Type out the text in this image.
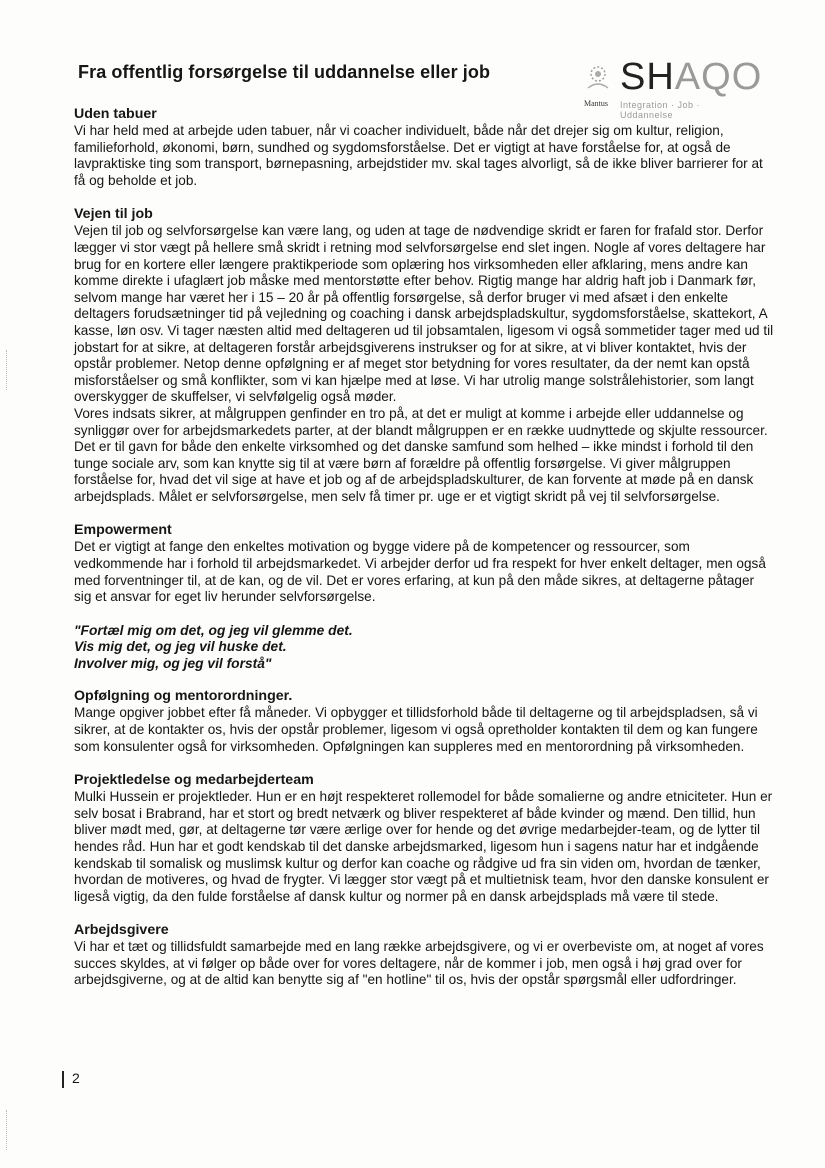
Fra offentlig forsørgelse til uddannelse eller job	SHAQO
Mantus Integration · Job · Uddannelse
Uden tabuer

Vi har held med at arbejde uden tabuer, når vi coacher individuelt, både når det drejer sig om kultur, religion, familieforhold, økonomi, børn, sundhed og sygdomsforståelse. Det er vigtigt at have forståelse for, at også de lavpraktiske ting som transport, børnepasning, arbejdstider mv. skal tages alvorligt, så de ikke bliver barrierer for at få og beholde et job.

Vejen til job

Vejen til job og selvforsørgelse kan være lang, og uden at tage de nødvendige skridt er faren for frafald stor. Derfor lægger vi stor vægt på hellere små skridt i retning mod selvforsørgelse end slet ingen. Nogle af vores deltagere har brug for en kortere eller længere praktikperiode som oplæring hos virksomheden eller afklaring, mens andre kan komme direkte i ufaglært job måske med mentorstøtte efter behov. Rigtig mange har aldrig haft job i Danmark før, selvom mange har været her i 15 – 20 år på offentlig forsørgelse, så derfor bruger vi med afsæt i den enkelte deltagers forudsætninger tid på vejledning og coaching i dansk arbejdspladskultur, sygdomsforståelse, skattekort, A kasse, løn osv. Vi tager næsten altid med deltageren ud til jobsamtalen, ligesom vi også sommetider tager med ud til jobstart for at sikre, at deltageren forstår arbejdsgiverens instrukser og for at sikre, at vi bliver kontaktet, hvis der opstår problemer. Netop denne opfølgning er af meget stor betydning for vores resultater, da der nemt kan opstå misforståelser og små konflikter, som vi kan hjælpe med at løse. Vi har utrolig mange solstrålehistorier, som langt overskygger de skuffelser, vi selvfølgelig også møder.

Vores indsats sikrer, at målgruppen genfinder en tro på, at det er muligt at komme i arbejde eller uddannelse og synliggør over for arbejdsmarkedets parter, at der blandt målgruppen er en række uudnyttede og skjulte ressourcer. Det er til gavn for både den enkelte virksomhed og det danske samfund som helhed – ikke mindst i forhold til den tunge sociale arv, som kan knytte sig til at være børn af forældre på offentlig forsørgelse. Vi giver målgruppen forståelse for, hvad det vil sige at have et job og af de arbejdspladskulturer, de kan forvente at møde på en dansk arbejdsplads. Målet er selvforsørgelse, men selv få timer pr. uge er et vigtigt skridt på vej til selvforsørgelse.

Empowerment

Det er vigtigt at fange den enkeltes motivation og bygge videre på de kompetencer og ressourcer, som vedkommende har i forhold til arbejdsmarkedet. Vi arbejder derfor ud fra respekt for hver enkelt deltager, men også med forventninger til, at de kan, og de vil. Det er vores erfaring, at kun på den måde sikres, at deltagerne påtager sig et ansvar for eget liv herunder selvforsørgelse.

"Fortæl mig om det, og jeg vil glemme det.
Vis mig det, og jeg vil huske det.
Involver mig, og jeg vil forstå"
Opfølgning og mentorordninger.

Mange opgiver jobbet efter få måneder. Vi opbygger et tillidsforhold både til deltagerne og til arbejdspladsen, så vi sikrer, at de kontakter os, hvis der opstår problemer, ligesom vi også opretholder kontakten til dem og kan fungere som konsulenter også for virksomheden. Opfølgningen kan suppleres med en mentorordning på virksomheden.

Projektledelse og medarbejderteam

Mulki Hussein er projektleder. Hun er en højt respekteret rollemodel for både somalierne og andre etniciteter. Hun er selv bosat i Brabrand, har et stort og bredt netværk og bliver respekteret af både kvinder og mænd. Den tillid, hun bliver mødt med, gør, at deltagerne tør være ærlige over for hende og det øvrige medarbejder-team, og de lytter til hendes råd. Hun har et godt kendskab til det danske arbejdsmarked, ligesom hun i sagens natur har et indgående kendskab til somalisk og muslimsk kultur og derfor kan coache og rådgive ud fra sin viden om, hvordan de tænker, hvordan de motiveres, og hvad de frygter. Vi lægger stor vægt på et multietnisk team, hvor den danske konsulent er ligeså vigtig, da den fulde forståelse af dansk kultur og normer på en dansk arbejdsplads må være til stede.

Arbejdsgivere

Vi har et tæt og tillidsfuldt samarbejde med en lang række arbejdsgivere, og vi er overbeviste om, at noget af vores succes skyldes, at vi følger op både over for vores deltagere, når de kommer i job, men også i høj grad over for arbejdsgiverne, og at de altid kan benytte sig af "en hotline" til os, hvis der opstår spørgsmål eller udfordringer.

2
